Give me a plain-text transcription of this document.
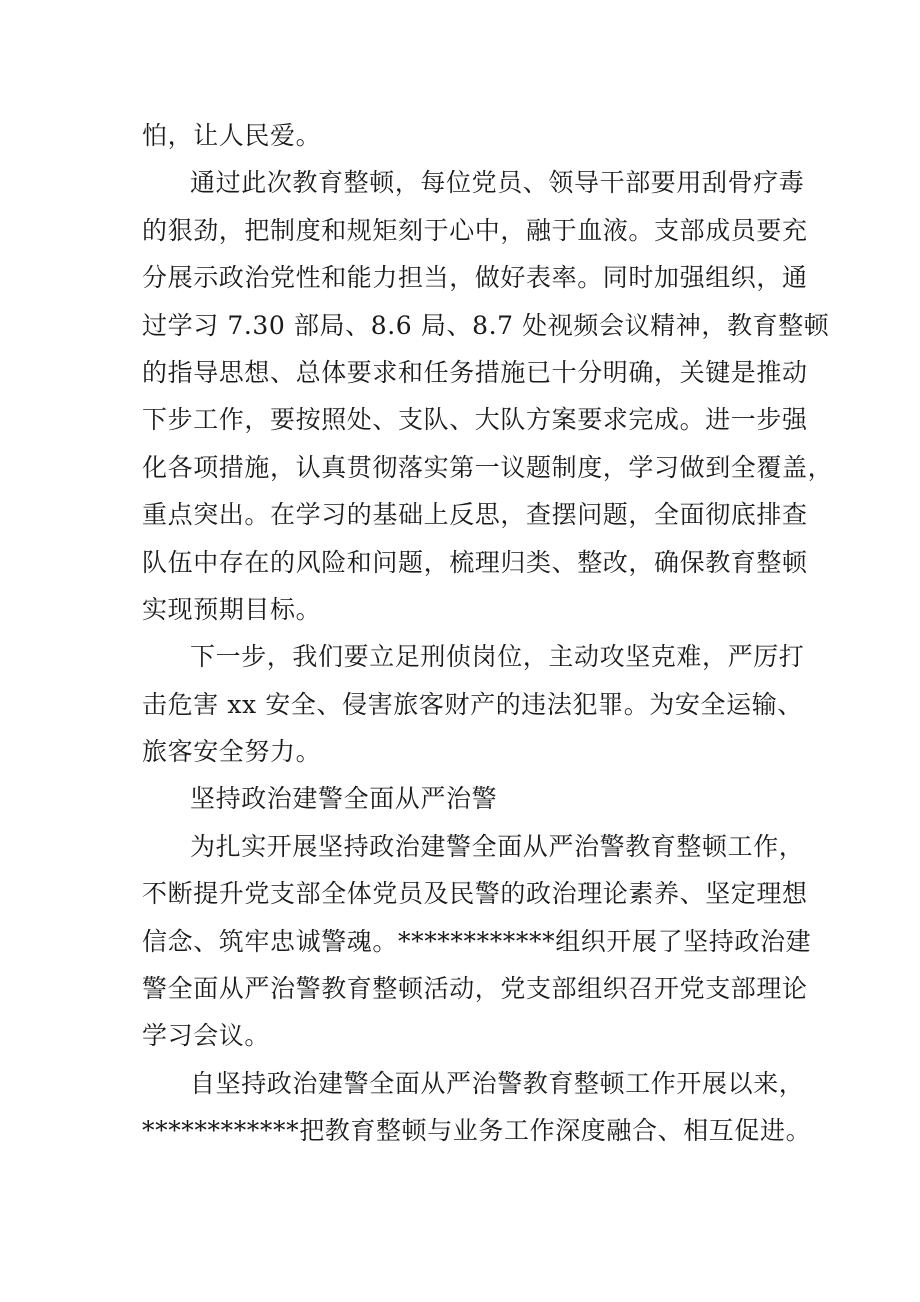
怕，让人民爱。
通过此次教育整顿，每位党员、领导干部要用刮骨疗毒
的狠劲，把制度和规矩刻于心中，融于血液。支部成员要充
分展示政治党性和能力担当，做好表率。同时加强组织，通
过学习 7.30 部局、8.6 局、8.7 处视频会议精神，教育整顿
的指导思想、总体要求和任务措施已十分明确，关键是推动
下步工作，要按照处、支队、大队方案要求完成。进一步强
化各项措施，认真贯彻落实第一议题制度，学习做到全覆盖，
重点突出。在学习的基础上反思，查摆问题，全面彻底排查
队伍中存在的风险和问题，梳理归类、整改，确保教育整顿
实现预期目标。
下一步，我们要立足刑侦岗位，主动攻坚克难，严厉打
击危害 xx 安全、侵害旅客财产的违法犯罪。为安全运输、
旅客安全努力。
坚持政治建警全面从严治警
为扎实开展坚持政治建警全面从严治警教育整顿工作，
不断提升党支部全体党员及民警的政治理论素养、坚定理想
信念、筑牢忠诚警魂。************组织开展了坚持政治建
警全面从严治警教育整顿活动，党支部组织召开党支部理论
学习会议。
自坚持政治建警全面从严治警教育整顿工作开展以来，
************把教育整顿与业务工作深度融合、相互促进。
